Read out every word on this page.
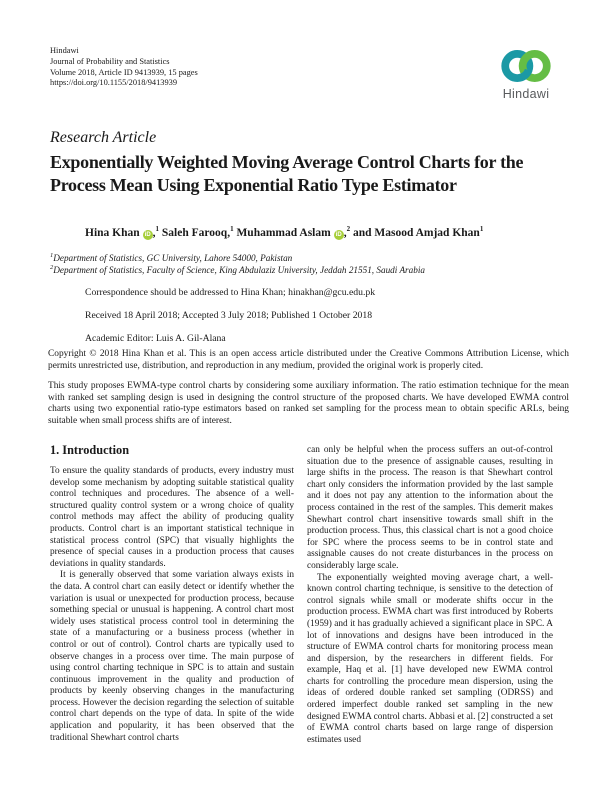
Hindawi
Journal of Probability and Statistics
Volume 2018, Article ID 9413939, 15 pages
https://doi.org/10.1155/2018/9413939
Hindawi
Research Article
Exponentially Weighted Moving Average Control Charts for the Process Mean Using Exponential Ratio Type Estimator
Hina Khan iD ,$^1$ Saleh Farooq,$^1$ Muhammad Aslam iD ,$^2$ and Masood Amjad Khan$^1$
$^1$Department of Statistics, GC University, Lahore 54000, Pakistan
$^2$Department of Statistics, Faculty of Science, King Abdulaziz University, Jeddah 21551, Saudi Arabia
Correspondence should be addressed to Hina Khan; hinakhan@gcu.edu.pk
Received 18 April 2018; Accepted 3 July 2018; Published 1 October 2018
Academic Editor: Luis A. Gil-Alana
Copyright © 2018 Hina Khan et al. This is an open access article distributed under the Creative Commons Attribution License, which permits unrestricted use, distribution, and reproduction in any medium, provided the original work is properly cited.
This study proposes EWMA-type control charts by considering some auxiliary information. The ratio estimation technique for the mean with ranked set sampling design is used in designing the control structure of the proposed charts. We have developed EWMA control charts using two exponential ratio-type estimators based on ranked set sampling for the process mean to obtain specific ARLs, being suitable when small process shifts are of interest.
1. Introduction

To ensure the quality standards of products, every industry must develop some mechanism by adopting suitable statistical quality control techniques and procedures. The absence of a well-structured quality control system or a wrong choice of quality control methods may affect the ability of producing quality products. Control chart is an important statistical technique in statistical process control (SPC) that visually highlights the presence of special causes in a production process that causes deviations in quality standards.

It is generally observed that some variation always exists in the data. A control chart can easily detect or identify whether the variation is usual or unexpected for production process, because something special or unusual is happening. A control chart most widely uses statistical process control tool in determining the state of a manufacturing or a business process (whether in control or out of control). Control charts are typically used to observe changes in a process over time. The main purpose of using control charting technique in SPC is to attain and sustain continuous improvement in the quality and production of products by keenly observing changes in the manufacturing process. However the decision regarding the selection of suitable control chart depends on the type of data. In spite of the wide application and popularity, it has been observed that the traditional Shewhart control charts

can only be helpful when the process suffers an out-of-control situation due to the presence of assignable causes, resulting in large shifts in the process. The reason is that Shewhart control chart only considers the information provided by the last sample and it does not pay any attention to the information about the process contained in the rest of the samples. This demerit makes Shewhart control chart insensitive towards small shift in the production process. Thus, this classical chart is not a good choice for SPC where the process seems to be in control state and assignable causes do not create disturbances in the process on considerably large scale.

The exponentially weighted moving average chart, a well-known control charting technique, is sensitive to the detection of control signals while small or moderate shifts occur in the production process. EWMA chart was first introduced by Roberts (1959) and it has gradually achieved a significant place in SPC. A lot of innovations and designs have been introduced in the structure of EWMA control charts for monitoring process mean and dispersion, by the researchers in different fields. For example, Haq et al. [1] have developed new EWMA control charts for controlling the procedure mean dispersion, using the ideas of ordered double ranked set sampling (ODRSS) and ordered imperfect double ranked set sampling in the new designed EWMA control charts. Abbasi et al. [2] constructed a set of EWMA control charts based on large range of dispersion estimates used
